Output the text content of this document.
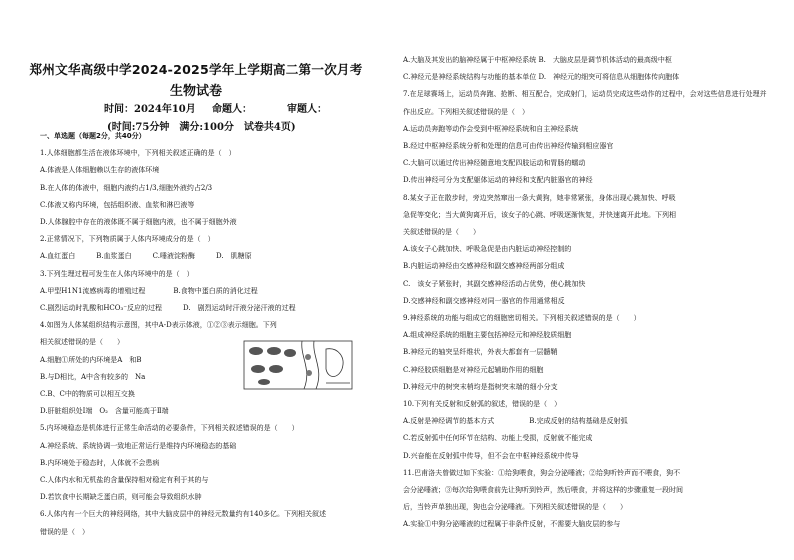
郑州文华高级中学2024-2025学年上学期高二第一次月考
生物试卷
时间：2024年10月 命题人：	审题人：
(时间:75分钟　满分:100分　试卷共4页)
一、单选题（每题2分，共40分）
1.人体细胞都生活在液体环境中，下列相关叙述正确的是（　）
A.体液是人体细胞赖以生存的液体环境
B.在人体的体液中，细胞内液约占1/3,细胞外液约占2/3
C.体液又称内环境，包括组织液、血浆和淋巴液等
D.人体腺腔中存在的液体既不属于细胞内液，也不属于细胞外液
2.正常情况下，下列物质属于人体内环境成分的是（　）
A.血红蛋白　　　B.血浆蛋白　　　C.唾液淀粉酶　　　D.　肌糖原
3.下列生理过程可发生在人体内环境中的是（　）
A.甲型H1N1流感病毒的增殖过程　　　　B.食物中蛋白质的消化过程
C.剧烈运动时乳酸和HCO₃⁻反应的过程　　　D.　剧烈运动时汗液分泌汗液的过程
4.如图为人体某组织结构示意图，其中A-D表示体液，①②③表示细胞。下列
相关叙述错误的是（　　）
A.细胞①所处的内环境是A　和B
B.与D相比，A中含有较多的　Na
C.B、C中的物质可以相互交换
D.肝脏组织处Ⅰ端　O₂　含量可能高于Ⅱ端
5.内环境稳态是机体进行正常生命活动的必要条件，下列相关叙述错误的是（　　）
A.神经系统、系统协调一致地正常运行是维持内环境稳态的基础
B.内环境处于稳态时，人体就不会患病
C.人体内水和无机盐的含量保持相对稳定有利于其的与
D.若饮食中长期缺乏蛋白质，则可能会导致组织水肿
6.人体内有一个巨大的神经网络，其中大脑皮层中的神经元数量约有140多亿。下列相关叙述
错误的是（　）
A.大脑及其发出的脑神经属于中枢神经系统 B.　大脑皮层是调节机体活动的最高级中枢
C.神经元是神经系统结构与功能的基本单位 D.　神经元的细突可将信息从细胞体传向胞体
7.在足球赛场上，运动员奔跑、抢断、相互配合，完成射门，运动员完成这些动作的过程中，会对这些信息进行处理并
作出反应。下列相关叙述错误的是（　）
A.运动员奔跑等动作会受到中枢神经系统和自主神经系统
B.经过中枢神经系统分析和处理的信息可由传出神经传输到相应器官
C.大脑可以通过传出神经随意地支配四肢运动和胃肠的蠕动
D.传出神经可分为支配躯体运动的神经和支配内脏器官的神经
8.某女子正在散步时，旁边突然窜出一条大黄狗，她非常紧张，身体出现心跳加快、呼吸
急促等变化；当大黄狗离开后，该女子的心跳、呼吸逐渐恢复，并快速离开此地。下列相
关叙述错误的是（　　）
A.该女子心跳加快、呼吸急促是由内脏运动神经控制的
B.内脏运动神经由交感神经和副交感神经两部分组成
C.　该女子紧张时，其副交感神经活动占优势，使心跳加快
D.交感神经和副交感神经对同一器官的作用通常相反
9.神经系统的功能与组成它的细胞密切相关。下列相关叙述错误的是（　　）
A.组成神经系统的细胞主要包括神经元和神经胶质细胞
B.神经元的轴突呈纤维状，外表大都套有一层髓鞘
C.神经胶质细胞是对神经元起辅助作用的细胞
D.神经元中的树突末梢均是指树突末端的细小分支
10.下列有关反射和反射弧的叙述，错误的是（　）
A.反射是神经调节的基本方式　　　　　B.完成反射的结构基础是反射弧
C.若反射弧中任何环节在结构、功能上受损，反射就不能完成
D.兴奋能在反射弧中传导，但不会在中枢神经系统中传导
11.巴甫洛夫曾做过如下实验：①给狗喂食，狗会分泌唾液；②给狗听铃声而不喂食，狗不
会分泌唾液；③每次给狗喂食前先让狗听到铃声，然后喂食，并将这样的步骤重复一段时间
后，当铃声单独出现，狗也会分泌唾液。下列相关叙述错误的是（　　）
A.实验①中狗分泌唾液的过程属于非条件反射，不需要大脑皮层的参与
